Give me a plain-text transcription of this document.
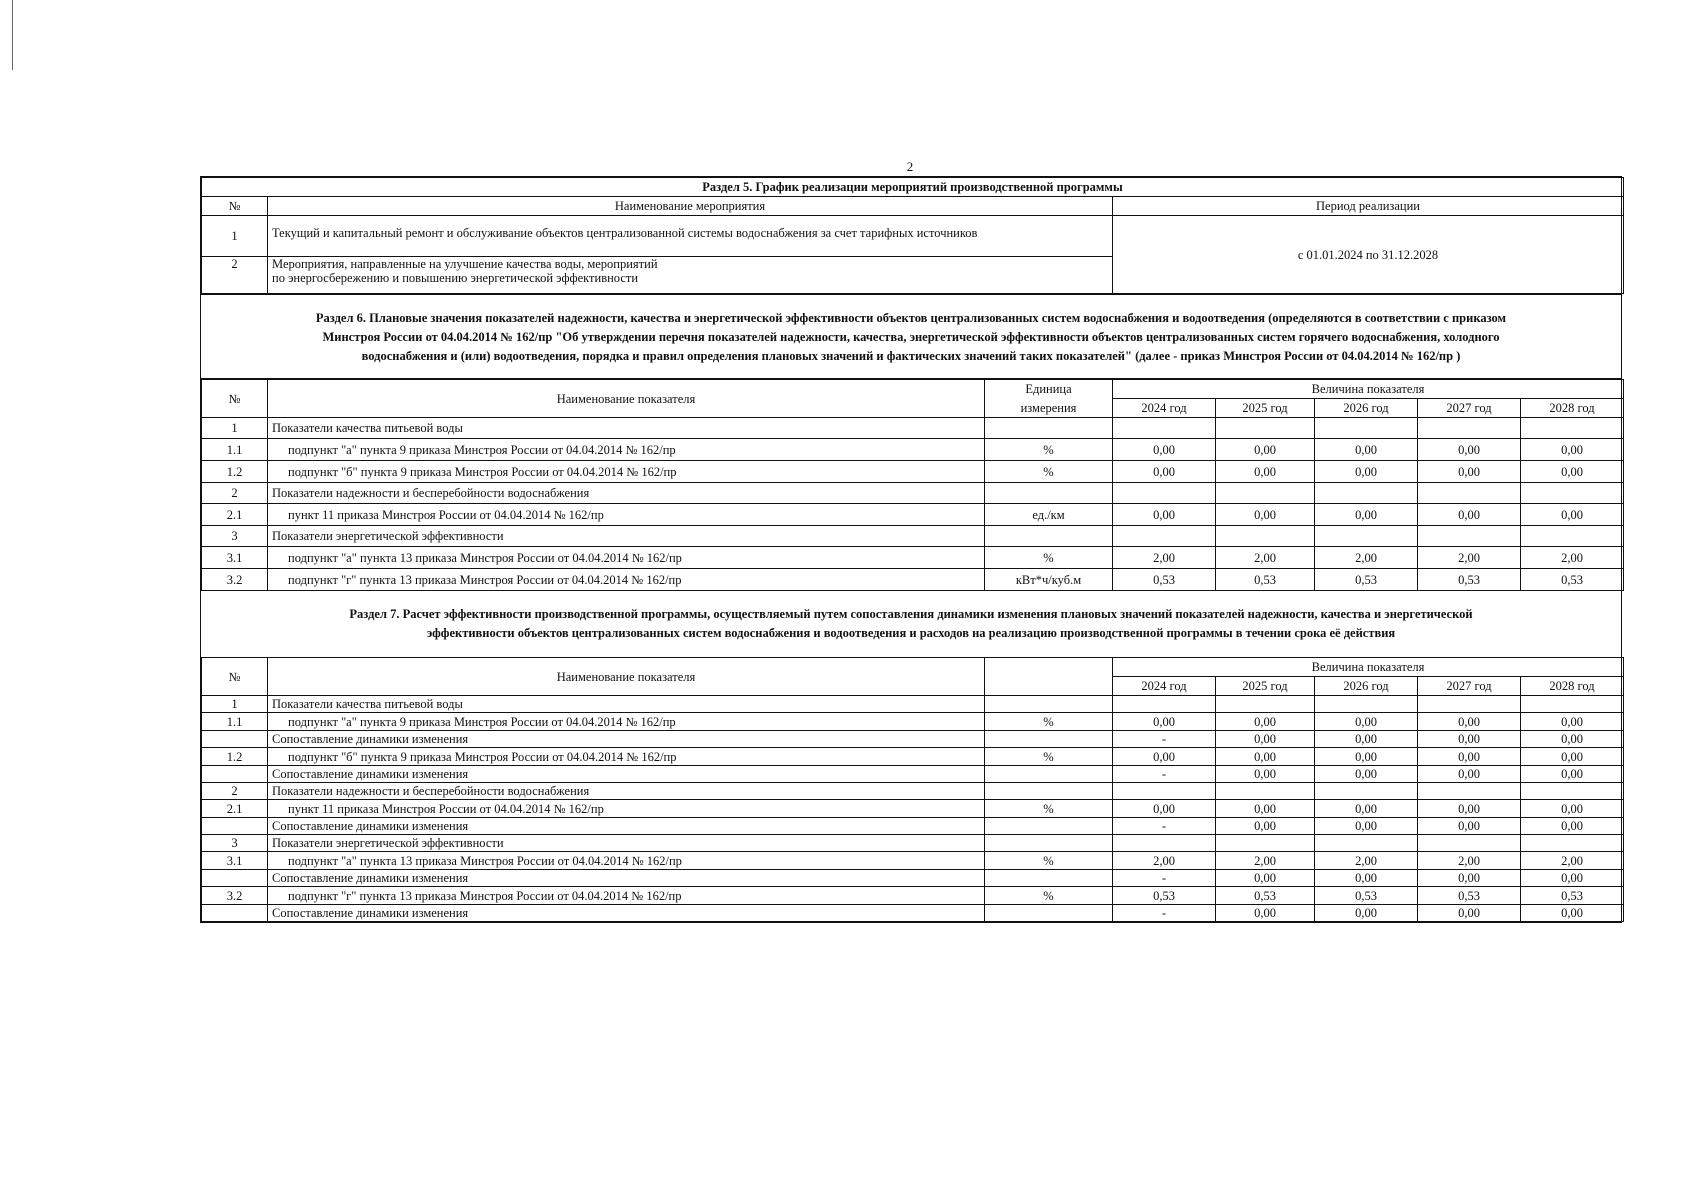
2
Раздел 5. График реализации мероприятий производственной программы		
№	Наименование мероприятия	Период реализации
1	Текущий и капитальный ремонт и обслуживание объектов централизованной системы водоснабжения за счет тарифных источников	с 01.01.2024 по 31.12.2028
2	Мероприятия, направленные на улучшение качества воды, мероприятий
по энергосбережению и повышению энергетической эффективности	
Раздел 6. Плановые значения показателей надежности, качества и энергетической эффективности объектов централизованных систем водоснабжения и водоотведения (определяются в соответствии с приказом
Минстроя России от 04.04.2014 № 162/пр "Об утверждении перечня показателей надежности, качества, энергетической эффективности объектов централизованных систем горячего водоснабжения, холодного
водоснабжения и (или) водоотведения, порядка и правил определения плановых значений и фактических значений таких показателей" (далее - приказ Минстроя России от 04.04.2014 № 162/пр )
№	Наименование показателя	Единица	Величина показателя				
		измерения	2024 год	2025 год	2026 год	2027 год	2028 год
1	Показатели качества питьевой воды						
1.1	подпункт "а" пункта 9 приказа Минстроя России от 04.04.2014 № 162/пр	%	0,00	0,00	0,00	0,00	0,00
1.2	подпункт "б" пункта 9 приказа Минстроя России от 04.04.2014 № 162/пр	%	0,00	0,00	0,00	0,00	0,00
2	Показатели надежности и бесперебойности водоснабжения						
2.1	пункт 11 приказа Минстроя России от 04.04.2014 № 162/пр	ед./км	0,00	0,00	0,00	0,00	0,00
3	Показатели энергетической эффективности						
3.1	подпункт "а" пункта 13 приказа Минстроя России от 04.04.2014 № 162/пр	%	2,00	2,00	2,00	2,00	2,00
3.2	подпункт "г" пункта 13 приказа Минстроя России от 04.04.2014 № 162/пр	кВт*ч/куб.м	0,53	0,53	0,53	0,53	0,53
Раздел 7. Расчет эффективности производственной программы, осуществляемый путем сопоставления динамики изменения плановых значений показателей надежности, качества и энергетической
эффективности объектов централизованных систем водоснабжения и водоотведения и расходов на реализацию производственной программы в течении срока её действия
№	Наименование показателя		Величина показателя				
			2024 год	2025 год	2026 год	2027 год	2028 год
1	Показатели качества питьевой воды						
1.1	подпункт "а" пункта 9 приказа Минстроя России от 04.04.2014 № 162/пр	%	0,00	0,00	0,00	0,00	0,00
	Сопоставление динамики изменения		-	0,00	0,00	0,00	0,00
1.2	подпункт "б" пункта 9 приказа Минстроя России от 04.04.2014 № 162/пр	%	0,00	0,00	0,00	0,00	0,00
	Сопоставление динамики изменения		-	0,00	0,00	0,00	0,00
2	Показатели надежности и бесперебойности водоснабжения						
2.1	пункт 11 приказа Минстроя России от 04.04.2014 № 162/пр	%	0,00	0,00	0,00	0,00	0,00
	Сопоставление динамики изменения		-	0,00	0,00	0,00	0,00
3	Показатели энергетической эффективности						
3.1	подпункт "а" пункта 13 приказа Минстроя России от 04.04.2014 № 162/пр	%	2,00	2,00	2,00	2,00	2,00
	Сопоставление динамики изменения		-	0,00	0,00	0,00	0,00
3.2	подпункт "г" пункта 13 приказа Минстроя России от 04.04.2014 № 162/пр	%	0,53	0,53	0,53	0,53	0,53
	Сопоставление динамики изменения		-	0,00	0,00	0,00	0,00
